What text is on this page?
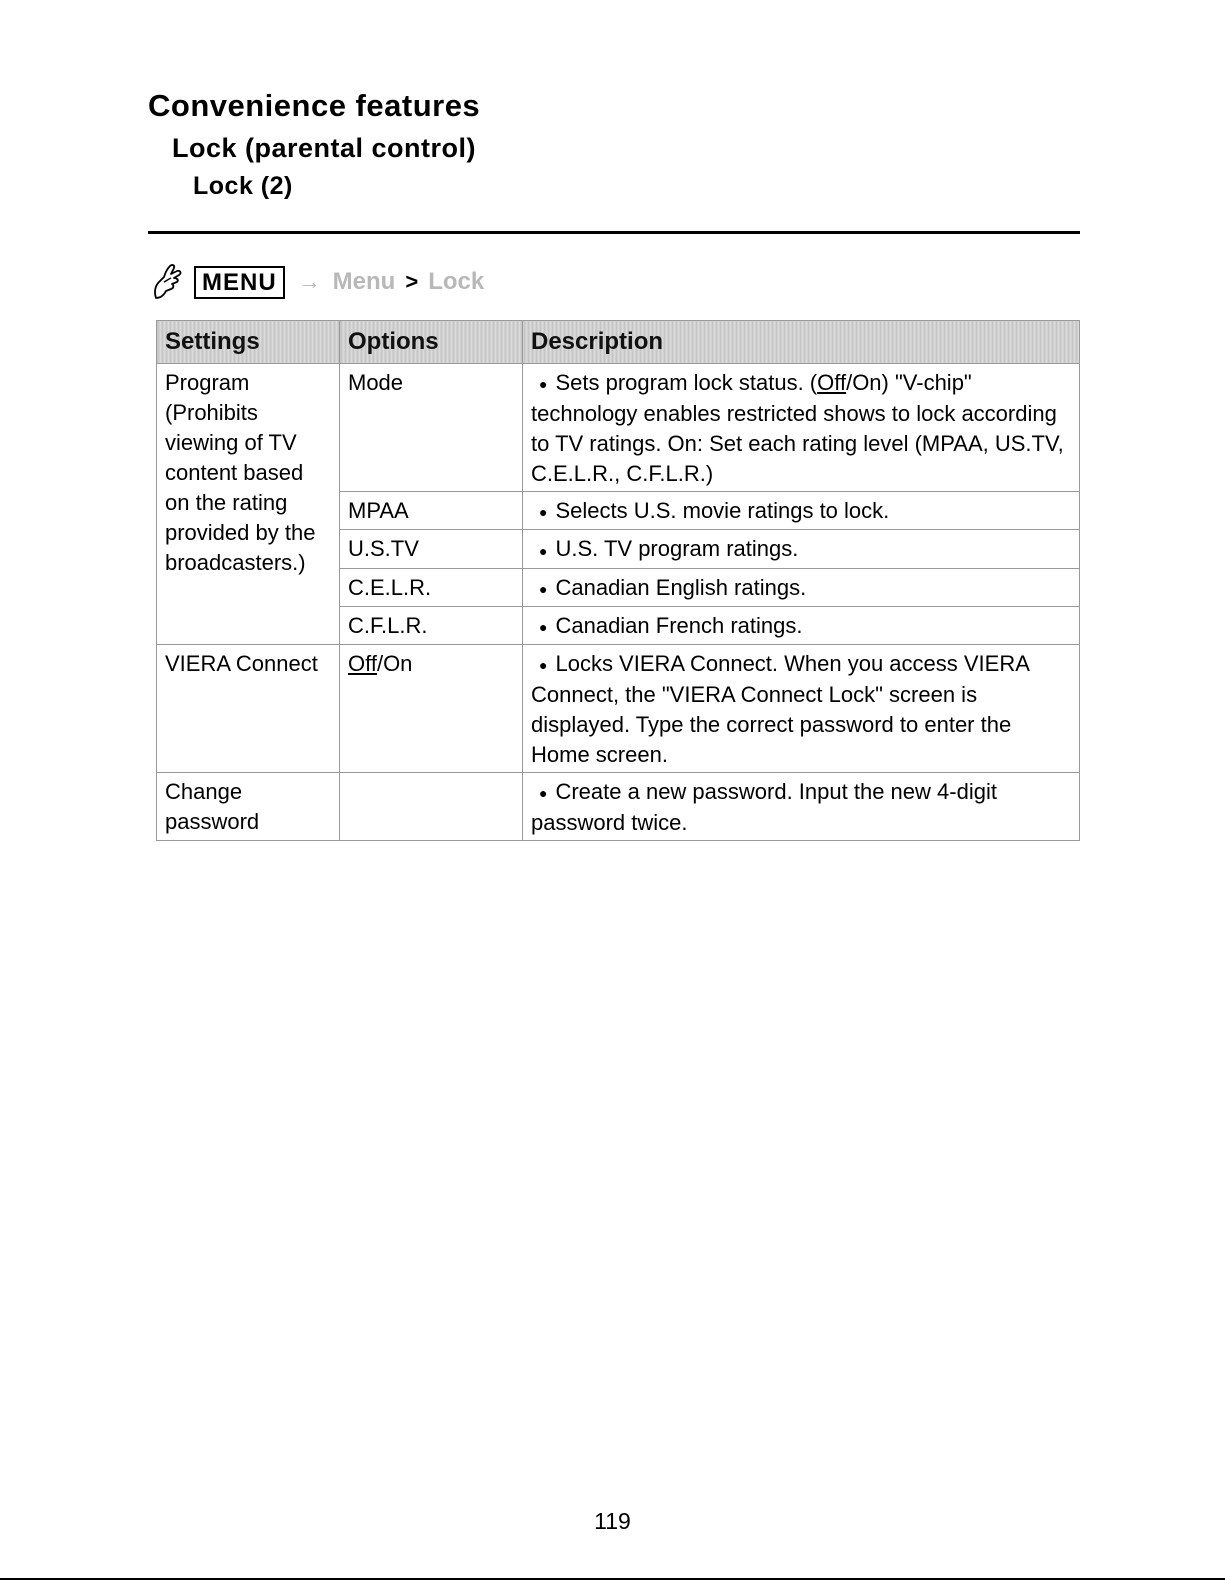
Convenience features
Lock (parental control)
Lock (2)
MENU	→ Menu > Lock
Settings	Options	Description
Program (Prohibits viewing of TV content based on the rating provided by the broadcasters.)	Mode	● Sets program lock status. (Off/On) "V-chip" technology enables restricted shows to lock according to TV ratings. On: Set each rating level (MPAA, US.TV, C.E.L.R., C.F.L.R.)
	MPAA	● Selects U.S. movie ratings to lock.
	U.S.TV	● U.S. TV program ratings.
	C.E.L.R.	● Canadian English ratings.
	C.F.L.R.	● Canadian French ratings.
VIERA Connect	Off/On	● Locks VIERA Connect. When you access VIERA Connect, the "VIERA Connect Lock" screen is displayed. Type the correct password to enter the Home screen.
Change password		● Create a new password. Input the new 4-digit password twice.
119
